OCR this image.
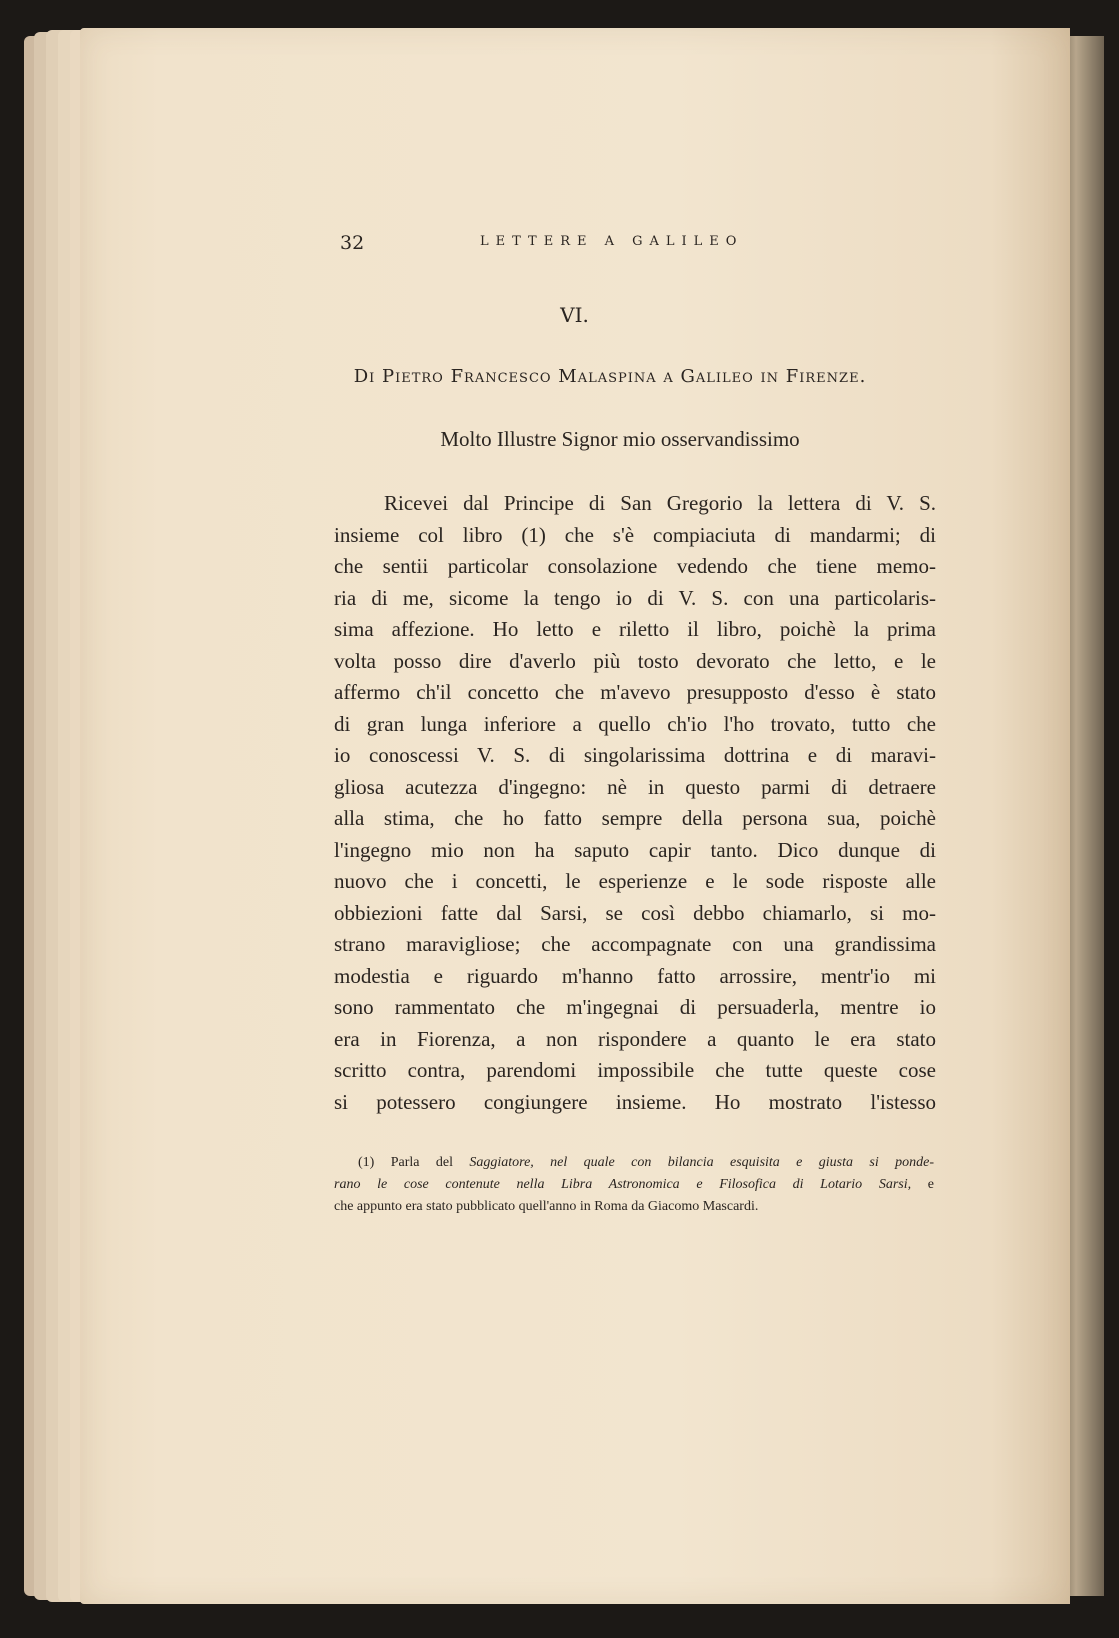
32	LETTERE A GALILEO
VI.
Di Pietro Francesco Malaspina a Galileo in Firenze.
Molto Illustre Signor mio osservandissimo
Ricevei dal Principe di San Gregorio la lettera di V. S.
insieme col libro (1) che s'è compiaciuta di mandarmi; di
che sentii particolar consolazione vedendo che tiene memo-
ria di me, sicome la tengo io di V. S. con una particolaris-
sima affezione. Ho letto e riletto il libro, poichè la prima
volta posso dire d'averlo più tosto devorato che letto, e le
affermo ch'il concetto che m'avevo presupposto d'esso è stato
di gran lunga inferiore a quello ch'io l'ho trovato, tutto che
io conoscessi V. S. di singolarissima dottrina e di maravi-
gliosa acutezza d'ingegno: nè in questo parmi di detraere
alla stima, che ho fatto sempre della persona sua, poichè
l'ingegno mio non ha saputo capir tanto. Dico dunque di
nuovo che i concetti, le esperienze e le sode risposte alle
obbiezioni fatte dal Sarsi, se così debbo chiamarlo, si mo-
strano maravigliose; che accompagnate con una grandissima
modestia e riguardo m'hanno fatto arrossire, mentr'io mi
sono rammentato che m'ingegnai di persuaderla, mentre io
era in Fiorenza, a non rispondere a quanto le era stato
scritto contra, parendomi impossibile che tutte queste cose
si potessero congiungere insieme. Ho mostrato l'istesso
(1) Parla del Saggiatore, nel quale con bilancia esquisita e giusta si ponde-
rano le cose contenute nella Libra Astronomica e Filosofica di Lotario Sarsi, e
che appunto era stato pubblicato quell'anno in Roma da Giacomo Mascardi.
